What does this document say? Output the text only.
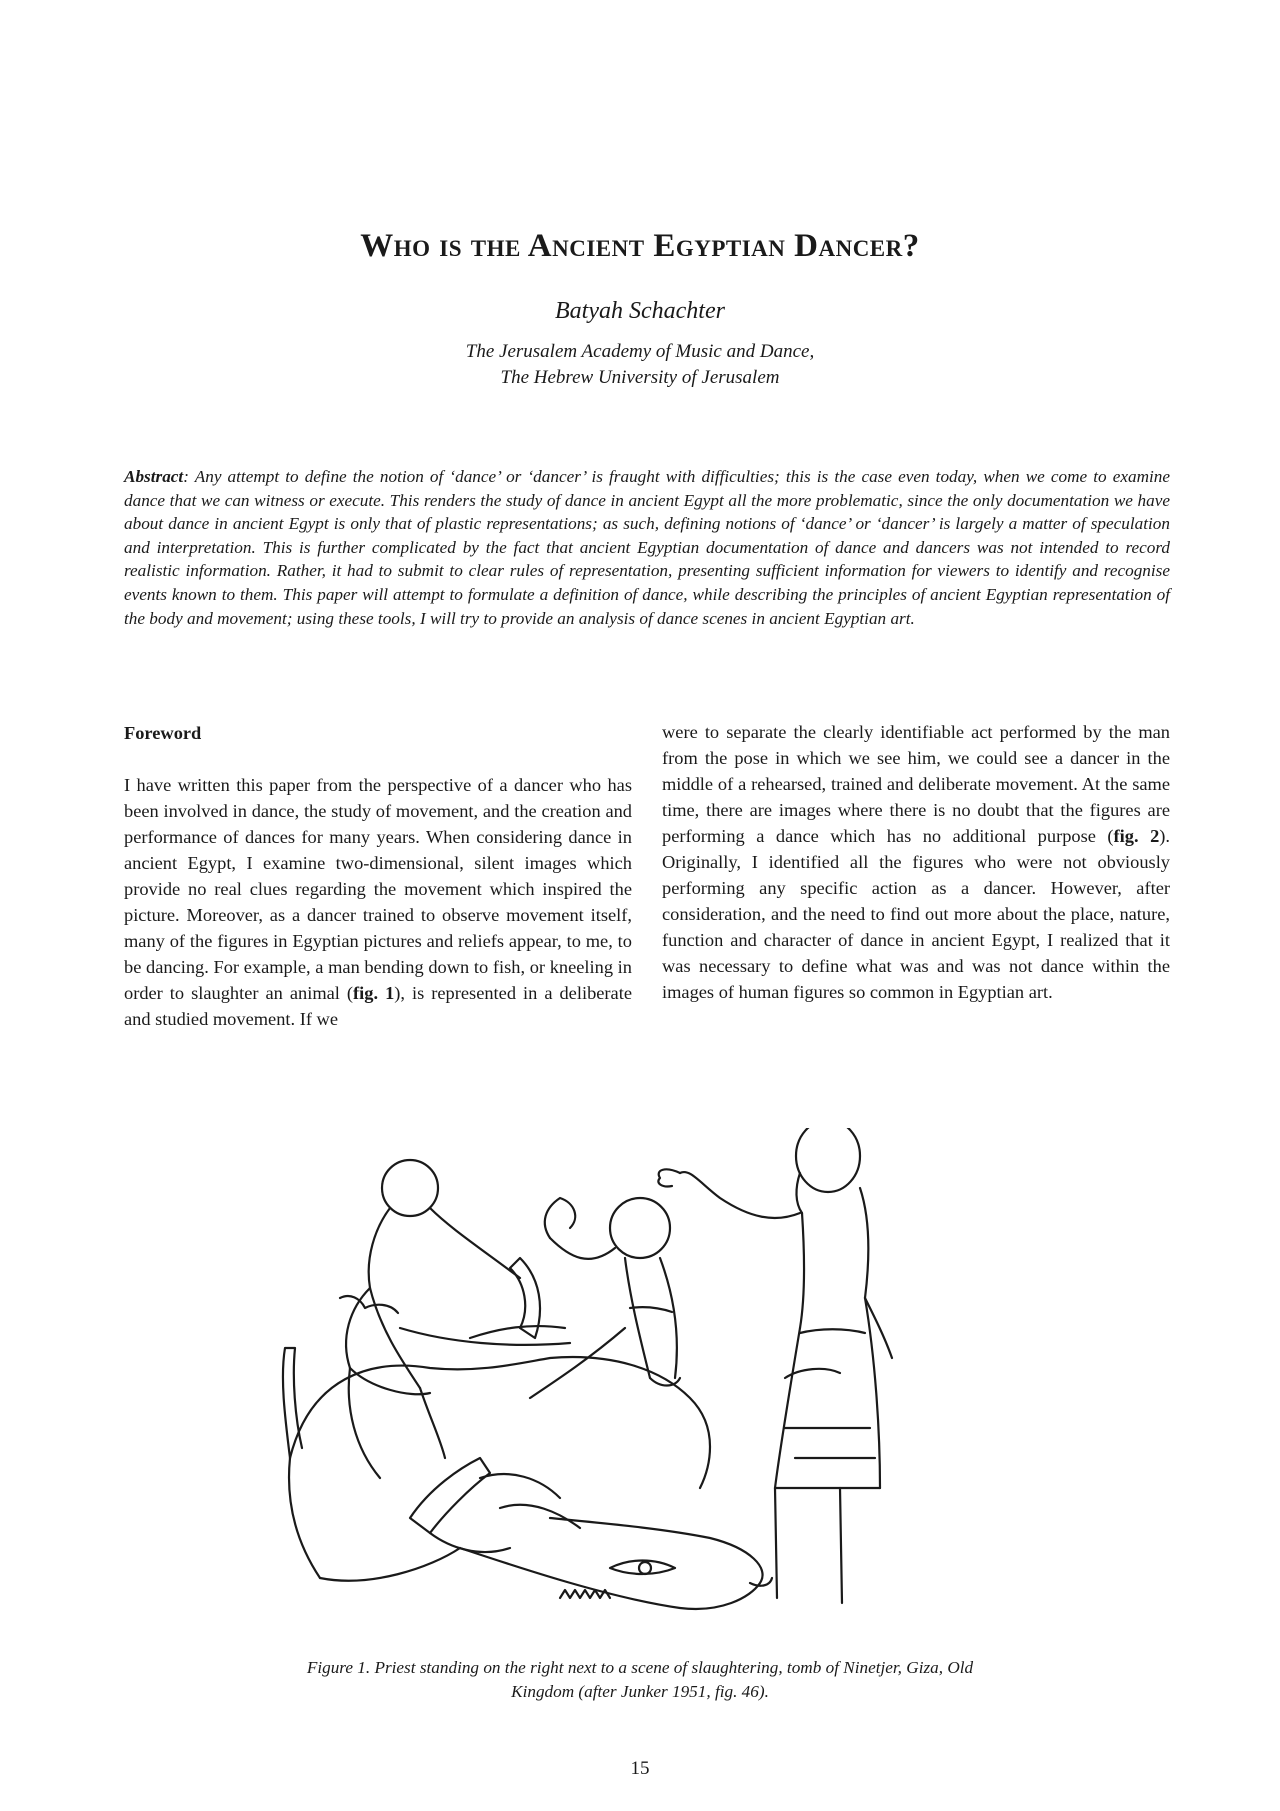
Who is the Ancient Egyptian Dancer?
Batyah Schachter
The Jerusalem Academy of Music and Dance,
The Hebrew University of Jerusalem

Abstract: Any attempt to define the notion of ‘dance’ or ‘dancer’ is fraught with difficulties; this is the case even today, when we come to examine dance that we can witness or execute. This renders the study of dance in ancient Egypt all the more problematic, since the only documentation we have about dance in ancient Egypt is only that of plastic representations; as such, defining notions of ‘dance’ or ‘dancer’ is largely a matter of speculation and interpretation. This is further complicated by the fact that ancient Egyptian documentation of dance and dancers was not intended to record realistic information. Rather, it had to submit to clear rules of representation, presenting sufficient information for viewers to identify and recognise events known to them. This paper will attempt to formulate a definition of dance, while describing the principles of ancient Egyptian representation of the body and movement; using these tools, I will try to provide an analysis of dance scenes in ancient Egyptian art.

Foreword

I have written this paper from the perspective of a dancer who has been involved in dance, the study of movement, and the creation and performance of dances for many years. When considering dance in ancient Egypt, I examine two-dimensional, silent images which provide no real clues regarding the movement which inspired the picture. Moreover, as a dancer trained to observe movement itself, many of the figures in Egyptian pictures and reliefs appear, to me, to be dancing. For example, a man bending down to fish, or kneeling in order to slaughter an animal (fig. 1), is represented in a deliberate and studied movement. If we

were to separate the clearly identifiable act performed by the man from the pose in which we see him, we could see a dancer in the middle of a rehearsed, trained and deliberate movement. At the same time, there are images where there is no doubt that the figures are performing a dance which has no additional purpose (fig. 2). Originally, I identified all the figures who were not obviously performing any specific action as a dancer. However, after consideration, and the need to find out more about the place, nature, function and character of dance in ancient Egypt, I realized that it was necessary to define what was and was not dance within the images of human figures so common in Egyptian art.

Figure 1. Priest standing on the right next to a scene of slaughtering, tomb of Ninetjer, Giza, Old
Kingdom (after Junker 1951, fig. 46).
15
